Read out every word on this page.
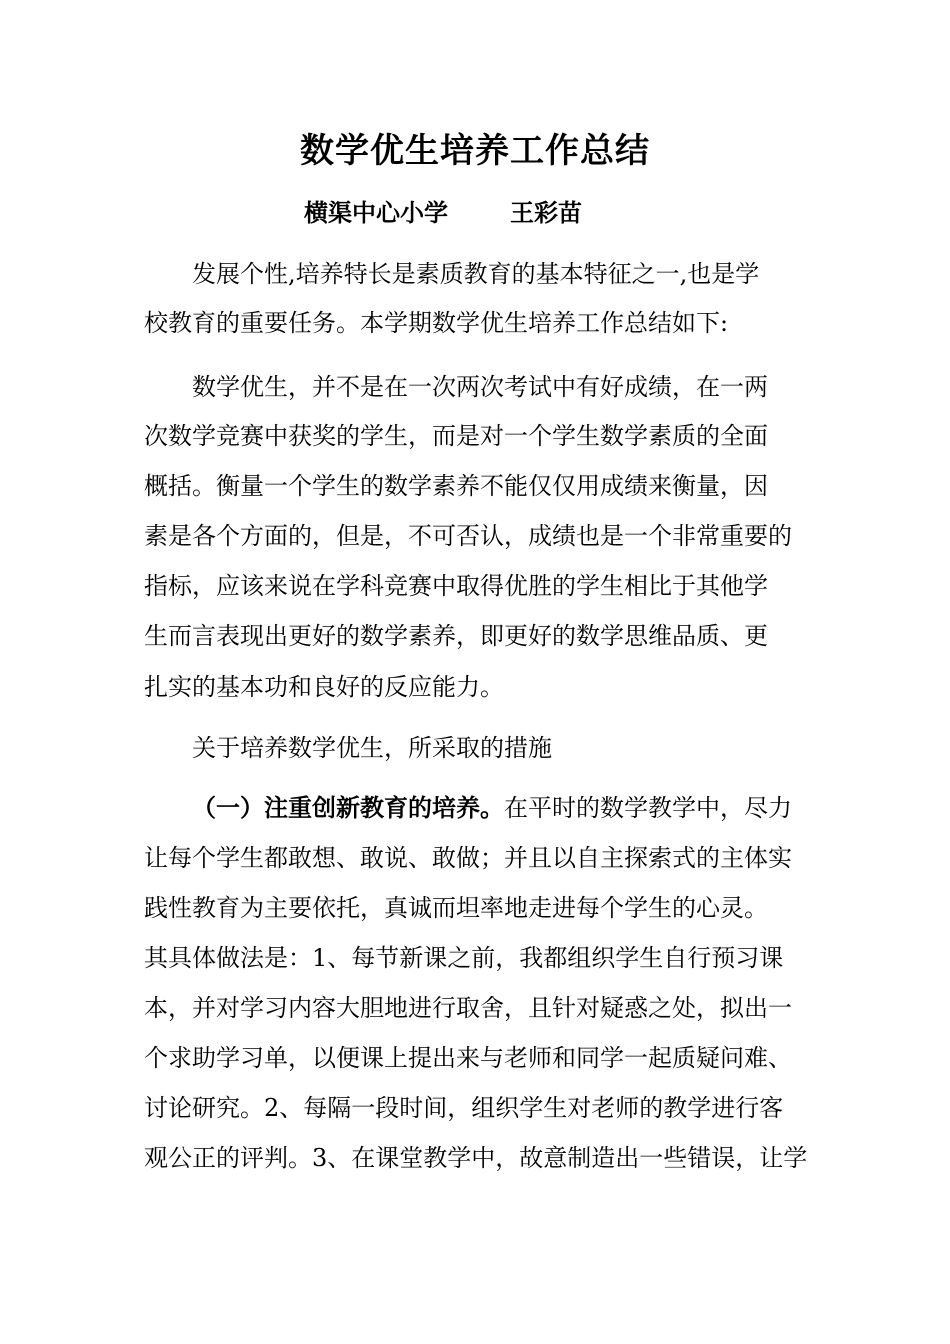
数学优生培养工作总结
横渠中心小学	王彩苗
发展个性,培养特长是素质教育的基本特征之一,也是学
校教育的重要任务。本学期数学优生培养工作总结如下:
数学优生，并不是在一次两次考试中有好成绩，在一两
次数学竞赛中获奖的学生，而是对一个学生数学素质的全面
概括。衡量一个学生的数学素养不能仅仅用成绩来衡量，因
素是各个方面的，但是，不可否认，成绩也是一个非常重要的
指标，应该来说在学科竞赛中取得优胜的学生相比于其他学
生而言表现出更好的数学素养，即更好的数学思维品质、更
扎实的基本功和良好的反应能力。
关于培养数学优生，所采取的措施
（一）注重创新教育的培养。在平时的数学教学中，尽力
让每个学生都敢想、敢说、敢做；并且以自主探索式的主体实
践性教育为主要依托，真诚而坦率地走进每个学生的心灵。
其具体做法是：1、每节新课之前，我都组织学生自行预习课
本，并对学习内容大胆地进行取舍，且针对疑惑之处，拟出一
个求助学习单，以便课上提出来与老师和同学一起质疑问难、
讨论研究。2、每隔一段时间，组织学生对老师的教学进行客
观公正的评判。3、在课堂教学中，故意制造出一些错误，让学
